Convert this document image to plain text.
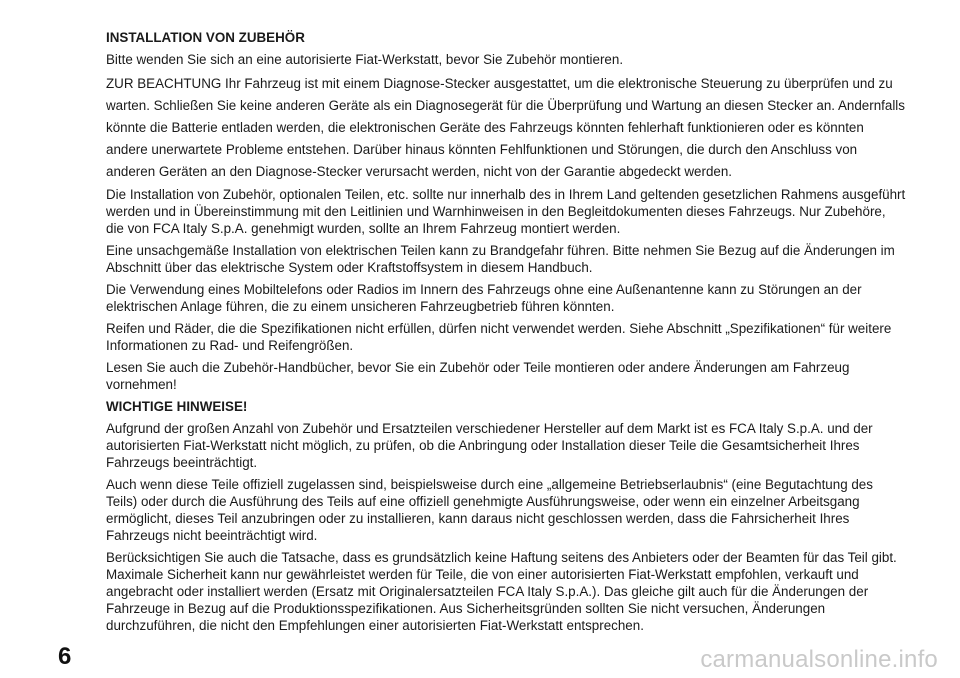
INSTALLATION VON ZUBEHÖR

Bitte wenden Sie sich an eine autorisierte Fiat-Werkstatt, bevor Sie Zubehör montieren.

ZUR BEACHTUNG Ihr Fahrzeug ist mit einem Diagnose-Stecker ausgestattet, um die elektronische Steuerung zu überprüfen und zu warten. Schließen Sie keine anderen Geräte als ein Diagnosegerät für die Überprüfung und Wartung an diesen Stecker an. Andernfalls könnte die Batterie entladen werden, die elektronischen Geräte des Fahrzeugs könnten fehlerhaft funktionieren oder es könnten andere unerwartete Probleme entstehen. Darüber hinaus könnten Fehlfunktionen und Störungen, die durch den Anschluss von anderen Geräten an den Diagnose-Stecker verursacht werden, nicht von der Garantie abgedeckt werden.

Die Installation von Zubehör, optionalen Teilen, etc. sollte nur innerhalb des in Ihrem Land geltenden gesetzlichen Rahmens ausgeführt werden und in Übereinstimmung mit den Leitlinien und Warnhinweisen in den Begleitdokumenten dieses Fahrzeugs. Nur Zubehöre, die von FCA Italy S.p.A. genehmigt wurden, sollte an Ihrem Fahrzeug montiert werden.

Eine unsachgemäße Installation von elektrischen Teilen kann zu Brandgefahr führen. Bitte nehmen Sie Bezug auf die Änderungen im Abschnitt über das elektrische System oder Kraftstoffsystem in diesem Handbuch.

Die Verwendung eines Mobiltelefons oder Radios im Innern des Fahrzeugs ohne eine Außenantenne kann zu Störungen an der elektrischen Anlage führen, die zu einem unsicheren Fahrzeugbetrieb führen könnten.

Reifen und Räder, die die Spezifikationen nicht erfüllen, dürfen nicht verwendet werden. Siehe Abschnitt „Spezifikationen“ für weitere Informationen zu Rad- und Reifengrößen.

Lesen Sie auch die Zubehör-Handbücher, bevor Sie ein Zubehör oder Teile montieren oder andere Änderungen am Fahrzeug vornehmen!

WICHTIGE HINWEISE!

Aufgrund der großen Anzahl von Zubehör und Ersatzteilen verschiedener Hersteller auf dem Markt ist es FCA Italy S.p.A. und der autorisierten Fiat-Werkstatt nicht möglich, zu prüfen, ob die Anbringung oder Installation dieser Teile die Gesamtsicherheit Ihres Fahrzeugs beeinträchtigt.

Auch wenn diese Teile offiziell zugelassen sind, beispielsweise durch eine „allgemeine Betriebserlaubnis“ (eine Begutachtung des Teils) oder durch die Ausführung des Teils auf eine offiziell genehmigte Ausführungsweise, oder wenn ein einzelner Arbeitsgang ermöglicht, dieses Teil anzubringen oder zu installieren, kann daraus nicht geschlossen werden, dass die Fahrsicherheit Ihres Fahrzeugs nicht beeinträchtigt wird.

Berücksichtigen Sie auch die Tatsache, dass es grundsätzlich keine Haftung seitens des Anbieters oder der Beamten für das Teil gibt. Maximale Sicherheit kann nur gewährleistet werden für Teile, die von einer autorisierten Fiat-Werkstatt empfohlen, verkauft und angebracht oder installiert werden (Ersatz mit Originalersatzteilen FCA Italy S.p.A.). Das gleiche gilt auch für die Änderungen der Fahrzeuge in Bezug auf die Produktionsspezifikationen. Aus Sicherheitsgründen sollten Sie nicht versuchen, Änderungen durchzuführen, die nicht den Empfehlungen einer autorisierten Fiat-Werkstatt entsprechen.

6	carmanualsonline.info
